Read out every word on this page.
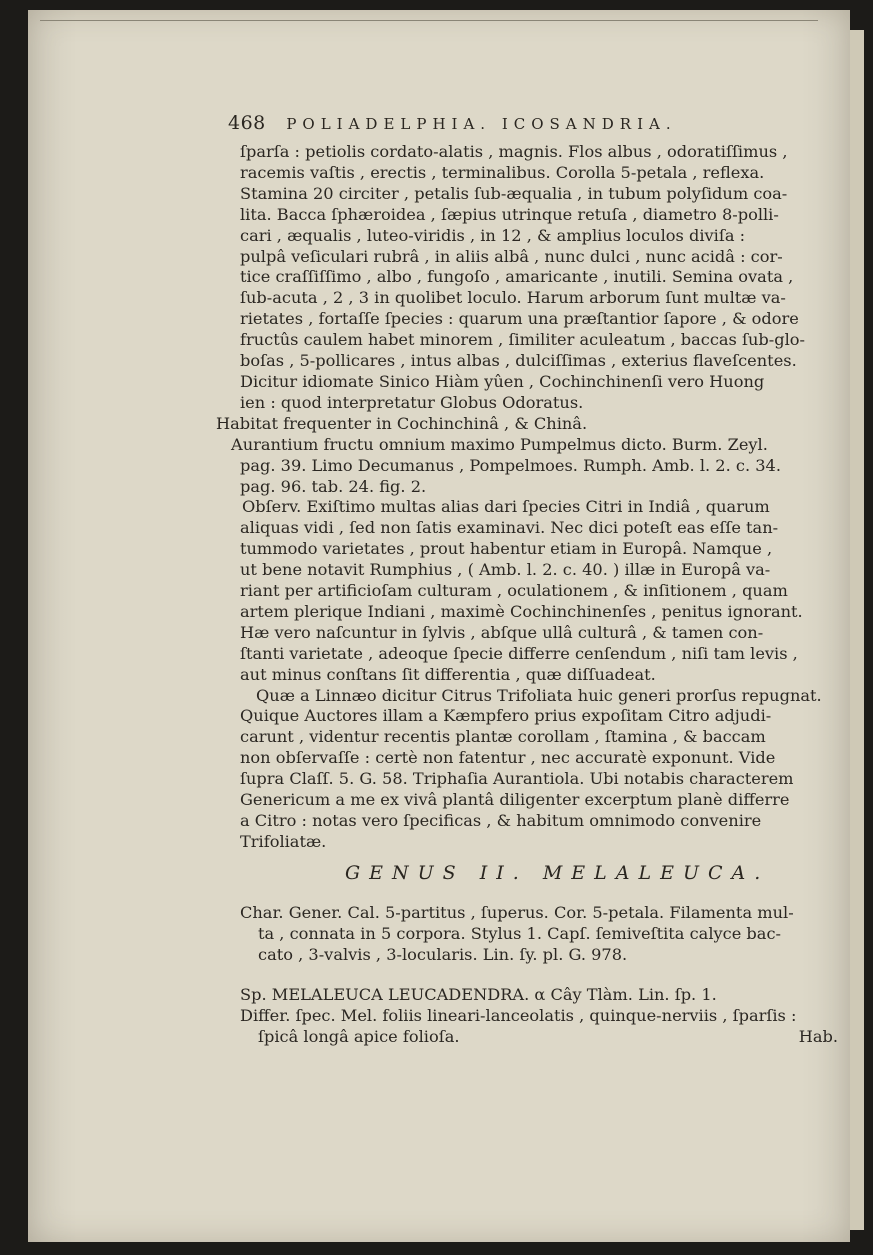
468 POLIADELPHIA. ICOSANDRIA.
ſparſa : petiolis cordato-alatis , magnis. Flos albus , odoratiſſimus ,
racemis vaſtis , erectis , terminalibus. Corolla 5-petala , reflexa.
Stamina 20 circiter , petalis ſub-æqualia , in tubum polyſidum coa-
lita. Bacca ſphæroidea , ſæpius utrinque retuſa , diametro 8-polli-
cari , æqualis , luteo-viridis , in 12 , & amplius loculos diviſa :
pulpâ veſiculari rubrâ , in aliis albâ , nunc dulci , nunc acidâ : cor-
tice craſſiſſimo , albo , fungoſo , amaricante , inutili. Semina ovata ,
ſub-acuta , 2 , 3 in quolibet loculo. Harum arborum ſunt multæ va-
rietates , fortaſſe ſpecies : quarum una præſtantior ſapore , & odore
fructûs caulem habet minorem , ſimiliter aculeatum , baccas ſub-glo-
boſas , 5-pollicares , intus albas , dulciſſimas , exterius flaveſcentes.
Dicitur idiomate Sinico Hiàm yûen , Cochinchinenſi vero Huong
ien : quod interpretatur Globus Odoratus.
Habitat frequenter in Cochinchinâ , & Chinâ.
Aurantium fructu omnium maximo Pumpelmus dicto. Burm. Zeyl.
pag. 39. Limo Decumanus , Pompelmoes. Rumph. Amb. l. 2. c. 34.
pag. 96. tab. 24. fig. 2.
Obſerv. Exiſtimo multas alias dari ſpecies Citri in Indiâ , quarum
aliquas vidi , ſed non ſatis examinavi. Nec dici poteſt eas eſſe tan-
tummodo varietates , prout habentur etiam in Europâ. Namque ,
ut bene notavit Rumphius , ( Amb. l. 2. c. 40. ) illæ in Europâ va-
riant per artificioſam culturam , oculationem , & inſitionem , quam
artem plerique Indiani , maximè Cochinchinenſes , penitus ignorant.
Hæ vero naſcuntur in ſylvis , abſque ullâ culturâ , & tamen con-
ſtanti varietate , adeoque ſpecie differre cenſendum , niſi tam levis ,
aut minus conſtans ſit differentia , quæ diſſuadeat.
Quæ a Linnæo dicitur Citrus Trifoliata huic generi prorſus repugnat.
Quique Auctores illam a Kæmpfero prius expoſitam Citro adjudi-
carunt , videntur recentis plantæ corollam , ſtamina , & baccam
non obſervaſſe : certè non fatentur , nec accuratè exponunt. Vide
ſupra Claſſ. 5. G. 58. Triphaſia Aurantiola. Ubi notabis characterem
Genericum a me ex vivâ plantâ diligenter excerptum planè differre
a Citro : notas vero ſpecificas , & habitum omnimodo convenire
Trifoliatæ.
GENUS II. MELALEUCA.
Char. Gener. Cal. 5-partitus , ſuperus. Cor. 5-petala. Filamenta mul-
ta , connata in 5 corpora. Stylus 1. Capſ. ſemiveſtita calyce bac-
cato , 3-valvis , 3-locularis. Lin. ſy. pl. G. 978.
Sp. MELALEUCA LEUCADENDRA. α Cây Tlàm. Lin. ſp. 1.
Differ. ſpec. Mel. foliis lineari-lanceolatis , quinque-nerviis , ſparſis :
ſpicâ longâ apice folioſa.	Hab.
